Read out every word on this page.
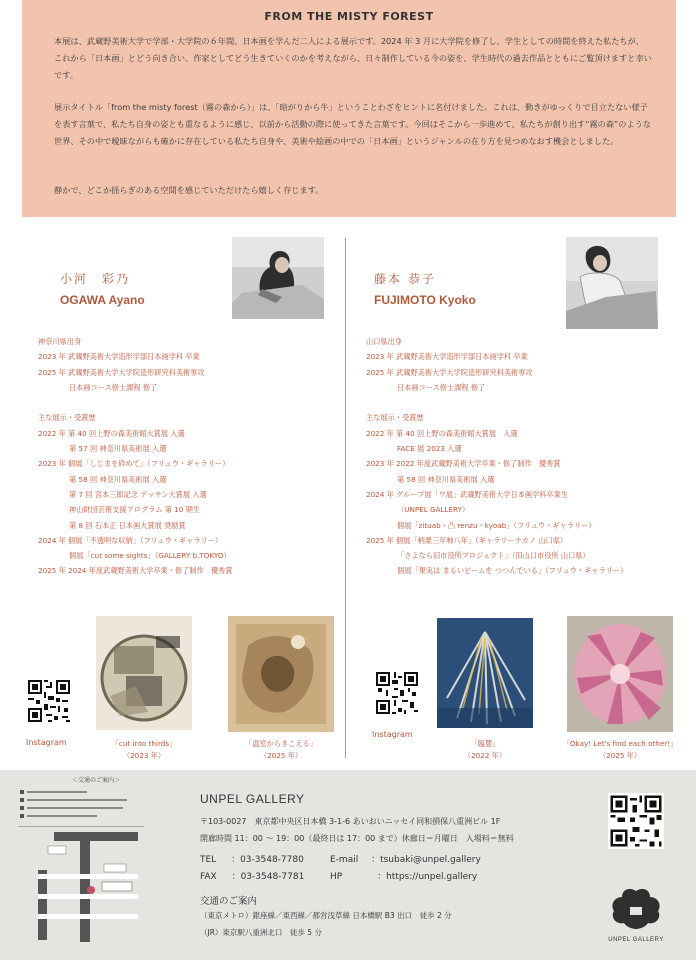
FROM THE MISTY FOREST

本展は、武蔵野美術大学で学部・大学院の６年間、日本画を学んだ二人による展示です。2024 年 3 月に大学院を修了し、学生としての時間を終えた私たちが、これから「日本画」とどう向き合い、作家としてどう生きていくのかを考えながら、日々制作している今の姿を、学生時代の過去作品とともにご覧頂けますと幸いです。

展示タイトル「from the misty forest（霧の森から）」は、「暗がりから牛」ということわざをヒントに名付けました。これは、動きがゆっくりで目立たない様子を表す言葉で、私たち自身の姿とも重なるように感じ、以前から活動の際に使ってきた言葉です。今回はそこから一歩進めて、私たちが創り出す“霧の森”のような世界、その中で曖昧ながらも確かに存在している私たち自身や、美術や絵画の中での「日本画」というジャンルの在り方を見つめなおす機会としました。

静かで、どこか揺らぎのある空間を感じていただけたら嬉しく存じます。

小河　彩乃
OGAWA Ayano
神奈川県出身
2023 年 武蔵野美術大学造形学部日本画学科 卒業
2025 年 武蔵野美術大学大学院造形研究科美術専攻
　　　　 日本画コース修士課程 修了
主な展示・受賞歴
2022 年 第 40 回上野の森美術館大賞展 入選
　　　　 第 57 回 神奈川県美術展 入選
2023 年 個展「しじまを砕めて」（フリュウ・ギャラリー）
　　　　 第 58 回 神奈川県美術展 入選
　　　　 第 7 回 宮本三郎記念 デッサン大賞展 入選
　　　　 神山財団芸術支援プログラム 第 10 期生
　　　　 第 8 回 石本正 日本画大賞展 奨励賞
2024 年 個展「不透明な収納」（フリュウ・ギャラリー）
　　　　 個展「cut some sights」（GALLERY b.TOKYO）
2025 年 2024 年度武蔵野美術大学卒業・修了制作　優秀賞
Instagram	「cut into thirds」
（2023 年）
「温室からきこえる」
（2025 年）
藤本 恭子
FUJIMOTO Kyoko
山口県出身
2023 年 武蔵野美術大学造形学部日本画学科 卒業
2025 年 武蔵野美術大学大学院造形研究科美術専攻
　　　　 日本画コース修士課程 修了
主な展示・受賞歴
2022 年 第 40 回上野の森美術館大賞展　入選
　　　　 FACE 展 2023 入選
2023 年 2022 年度武蔵野美術大学卒業・修了制作　優秀賞
　　　　 第 58 回 神奈川県美術展 入選
2024 年 グループ展「ワ展」武蔵野美術大学日本画学科卒業生
　　　　 （UNPEL GALLERY）
　　　　 個展「zituab・凸 renzu・kyoab」（フリュウ・ギャラリー）
2025 年 個展「柄栗三年柿八年」（ギャラリーナカノ 山口県）
　　　　 「さよなら旧市役所プロジェクト」（旧山口市役所 山口県）
　　　　 個展「果実は まるいビームを つつんでいる」（フリュウ・ギャラリー）
Instagram
「臨嬰」
（2022 年）
「Okay! Let's find each other!」
（2025 年）
＜交通のご案内＞
UNPEL GALLERY
〒103-0027　東京都中央区日本橋 3-1-6 あいおいニッセイ同和損保八重洲ビル 1F
開廊時間 11：00 ～ 19：00（最終日は 17：00 まで）休廊日＝月曜日　入場料＝無料
TEL ：03-3548-7780	E-mail ：tsubaki@unpel.gallery
FAX ：03-3548-7781	HP	：https://unpel.gallery
交通のご案内
（東京メトロ）銀座線／東西線／都営浅草線 日本橋駅 B3 出口　徒歩 2 分
（JR）東京駅八重洲北口　徒歩 5 分
UNPEL GALLERY
